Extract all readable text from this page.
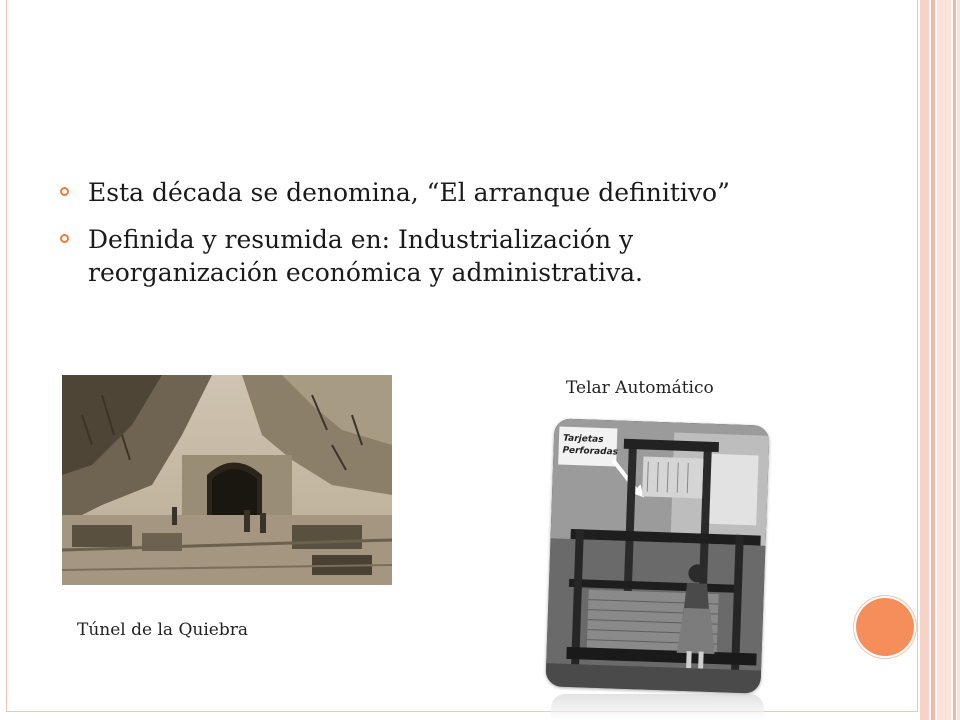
Esta década se denomina, “El arranque definitivo”
Definida y resumida en: Industrialización y reorganización económica y administrativa.
Telar Automático
Tarjetas
Perforadas
Túnel de la Quiebra
